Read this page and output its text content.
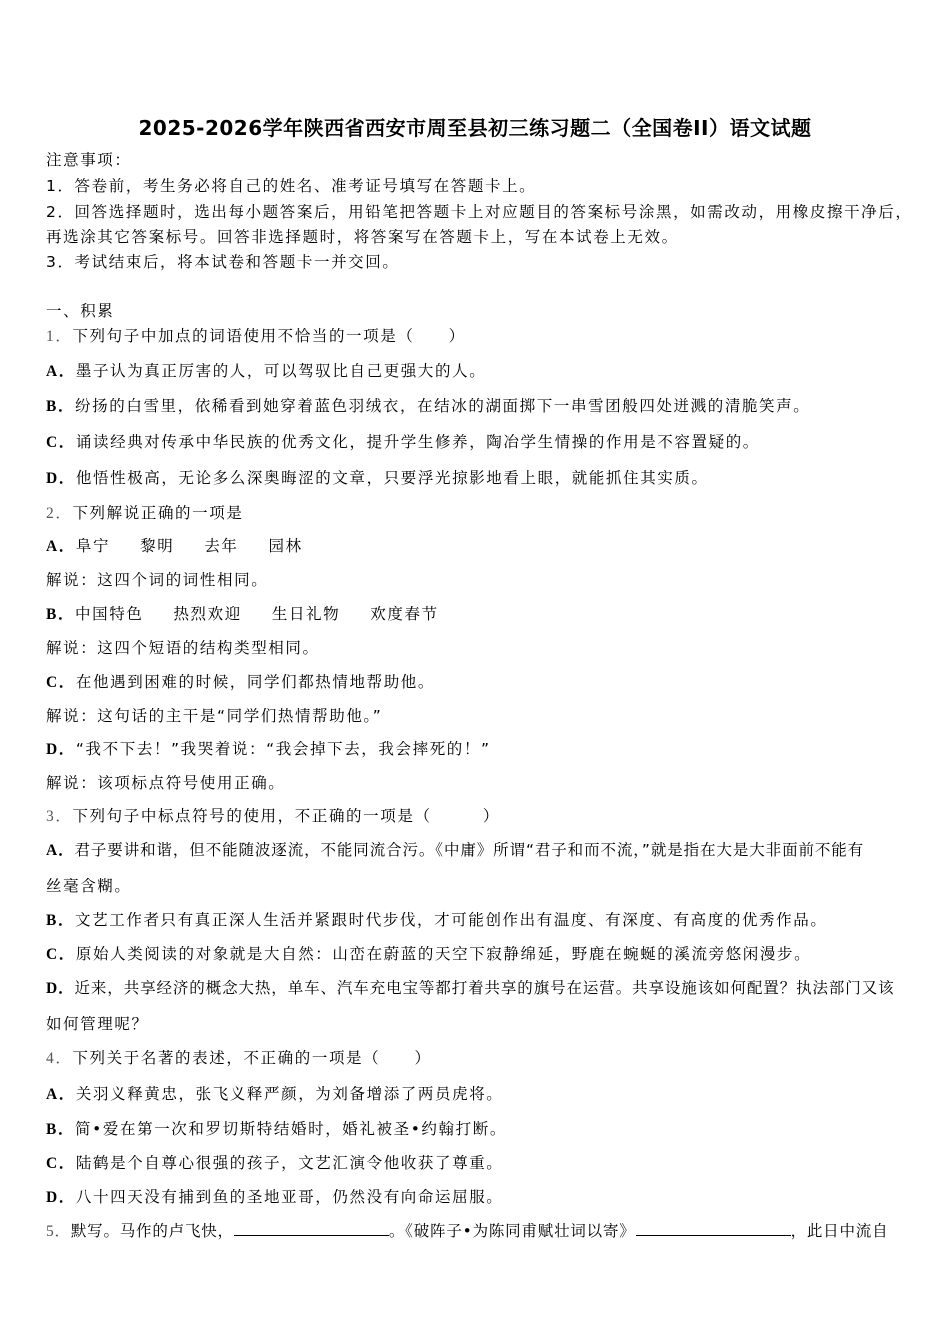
2025-2026学年陕西省西安市周至县初三练习题二（全国卷II）语文试题
注意事项：
1．答卷前，考生务必将自己的姓名、准考证号填写在答题卡上。
2．回答选择题时，选出每小题答案后，用铅笔把答题卡上对应题目的答案标号涂黑，如需改动，用橡皮擦干净后，
再选涂其它答案标号。回答非选择题时，将答案写在答题卡上，写在本试卷上无效。
3．考试结束后，将本试卷和答题卡一并交回。
一、积累
1．下列句子中加点的词语使用不恰当的一项是（　　）
A．墨子认为真正厉害的人，可以驾驭比自己更强大的人。
B．纷扬的白雪里，依稀看到她穿着蓝色羽绒衣，在结冰的湖面掷下一串雪团般四处迸溅的清脆笑声。
C．诵读经典对传承中华民族的优秀文化，提升学生修养，陶冶学生情操的作用是不容置疑的。
D．他悟性极高，无论多么深奥晦涩的文章，只要浮光掠影地看上眼，就能抓住其实质。
2．下列解说正确的一项是
A．阜宁 黎明 去年 园林
解说：这四个词的词性相同。
B．中国特色 热烈欢迎 生日礼物 欢度春节
解说：这四个短语的结构类型相同。
C．在他遇到困难的时候，同学们都热情地帮助他。
解说：这句话的主干是“同学们热情帮助他。”
D．“我不下去！”我哭着说：“我会掉下去，我会摔死的！”
解说：该项标点符号使用正确。
3．下列句子中标点符号的使用，不正确的一项是（　　　）
A．君子要讲和谐，但不能随波逐流，不能同流合污。《中庸》所谓“君子和而不流，”就是指在大是大非面前不能有
丝毫含糊。
B．文艺工作者只有真正深人生活并紧跟时代步伐，才可能创作出有温度、有深度、有高度的优秀作品。
C．原始人类阅读的对象就是大自然：山峦在蔚蓝的天空下寂静绵延，野鹿在蜿蜒的溪流旁悠闲漫步。
D．近来，共享经济的概念大热，单车、汽车充电宝等都打着共享的旗号在运营。共享设施该如何配置？执法部门又该
如何管理呢？
4．下列关于名著的表述，不正确的一项是（　　）
A．关羽义释黄忠，张飞义释严颜，为刘备增添了两员虎将。
B．简•爱在第一次和罗切斯特结婚时，婚礼被圣•约翰打断。
C．陆鹤是个自尊心很强的孩子，文艺汇演令他收获了尊重。
D．八十四天没有捕到鱼的圣地亚哥，仍然没有向命运屈服。
5．默写。马作的卢飞快，	。《破阵子•为陈同甫赋壮词以寄》	，此日中流自
